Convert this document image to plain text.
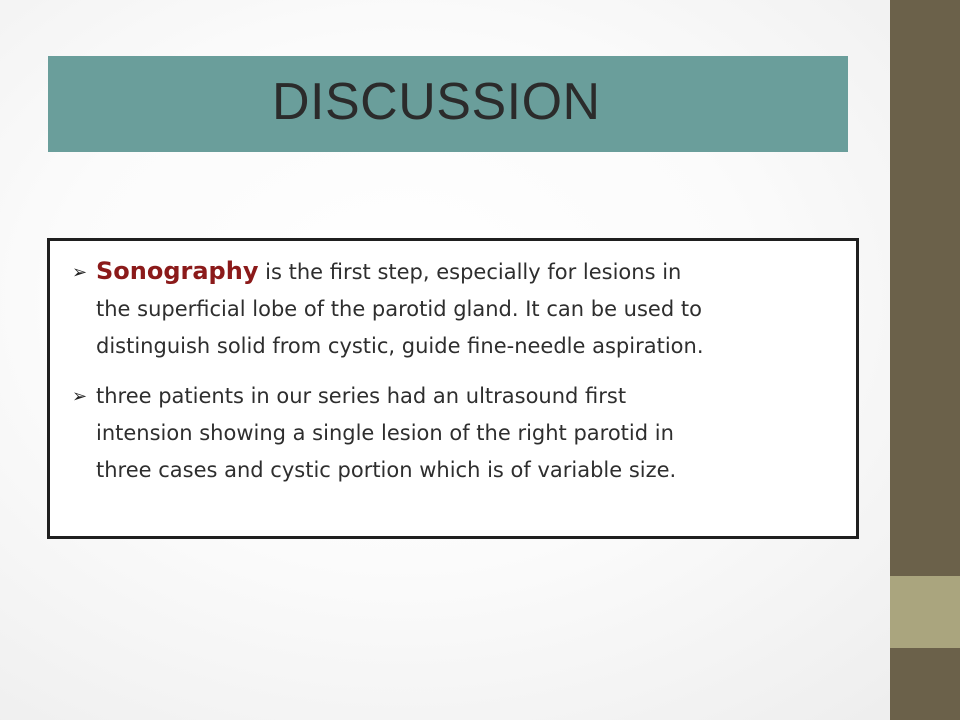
DISCUSSION
➢ Sonography is the first step, especially for lesions in
the superficial lobe of the parotid gland. It can be used to
distinguish solid from cystic, guide fine-needle aspiration.
➢ three patients in our series had an ultrasound first
intension showing a single lesion of the right parotid in
three cases and cystic portion which is of variable size.
